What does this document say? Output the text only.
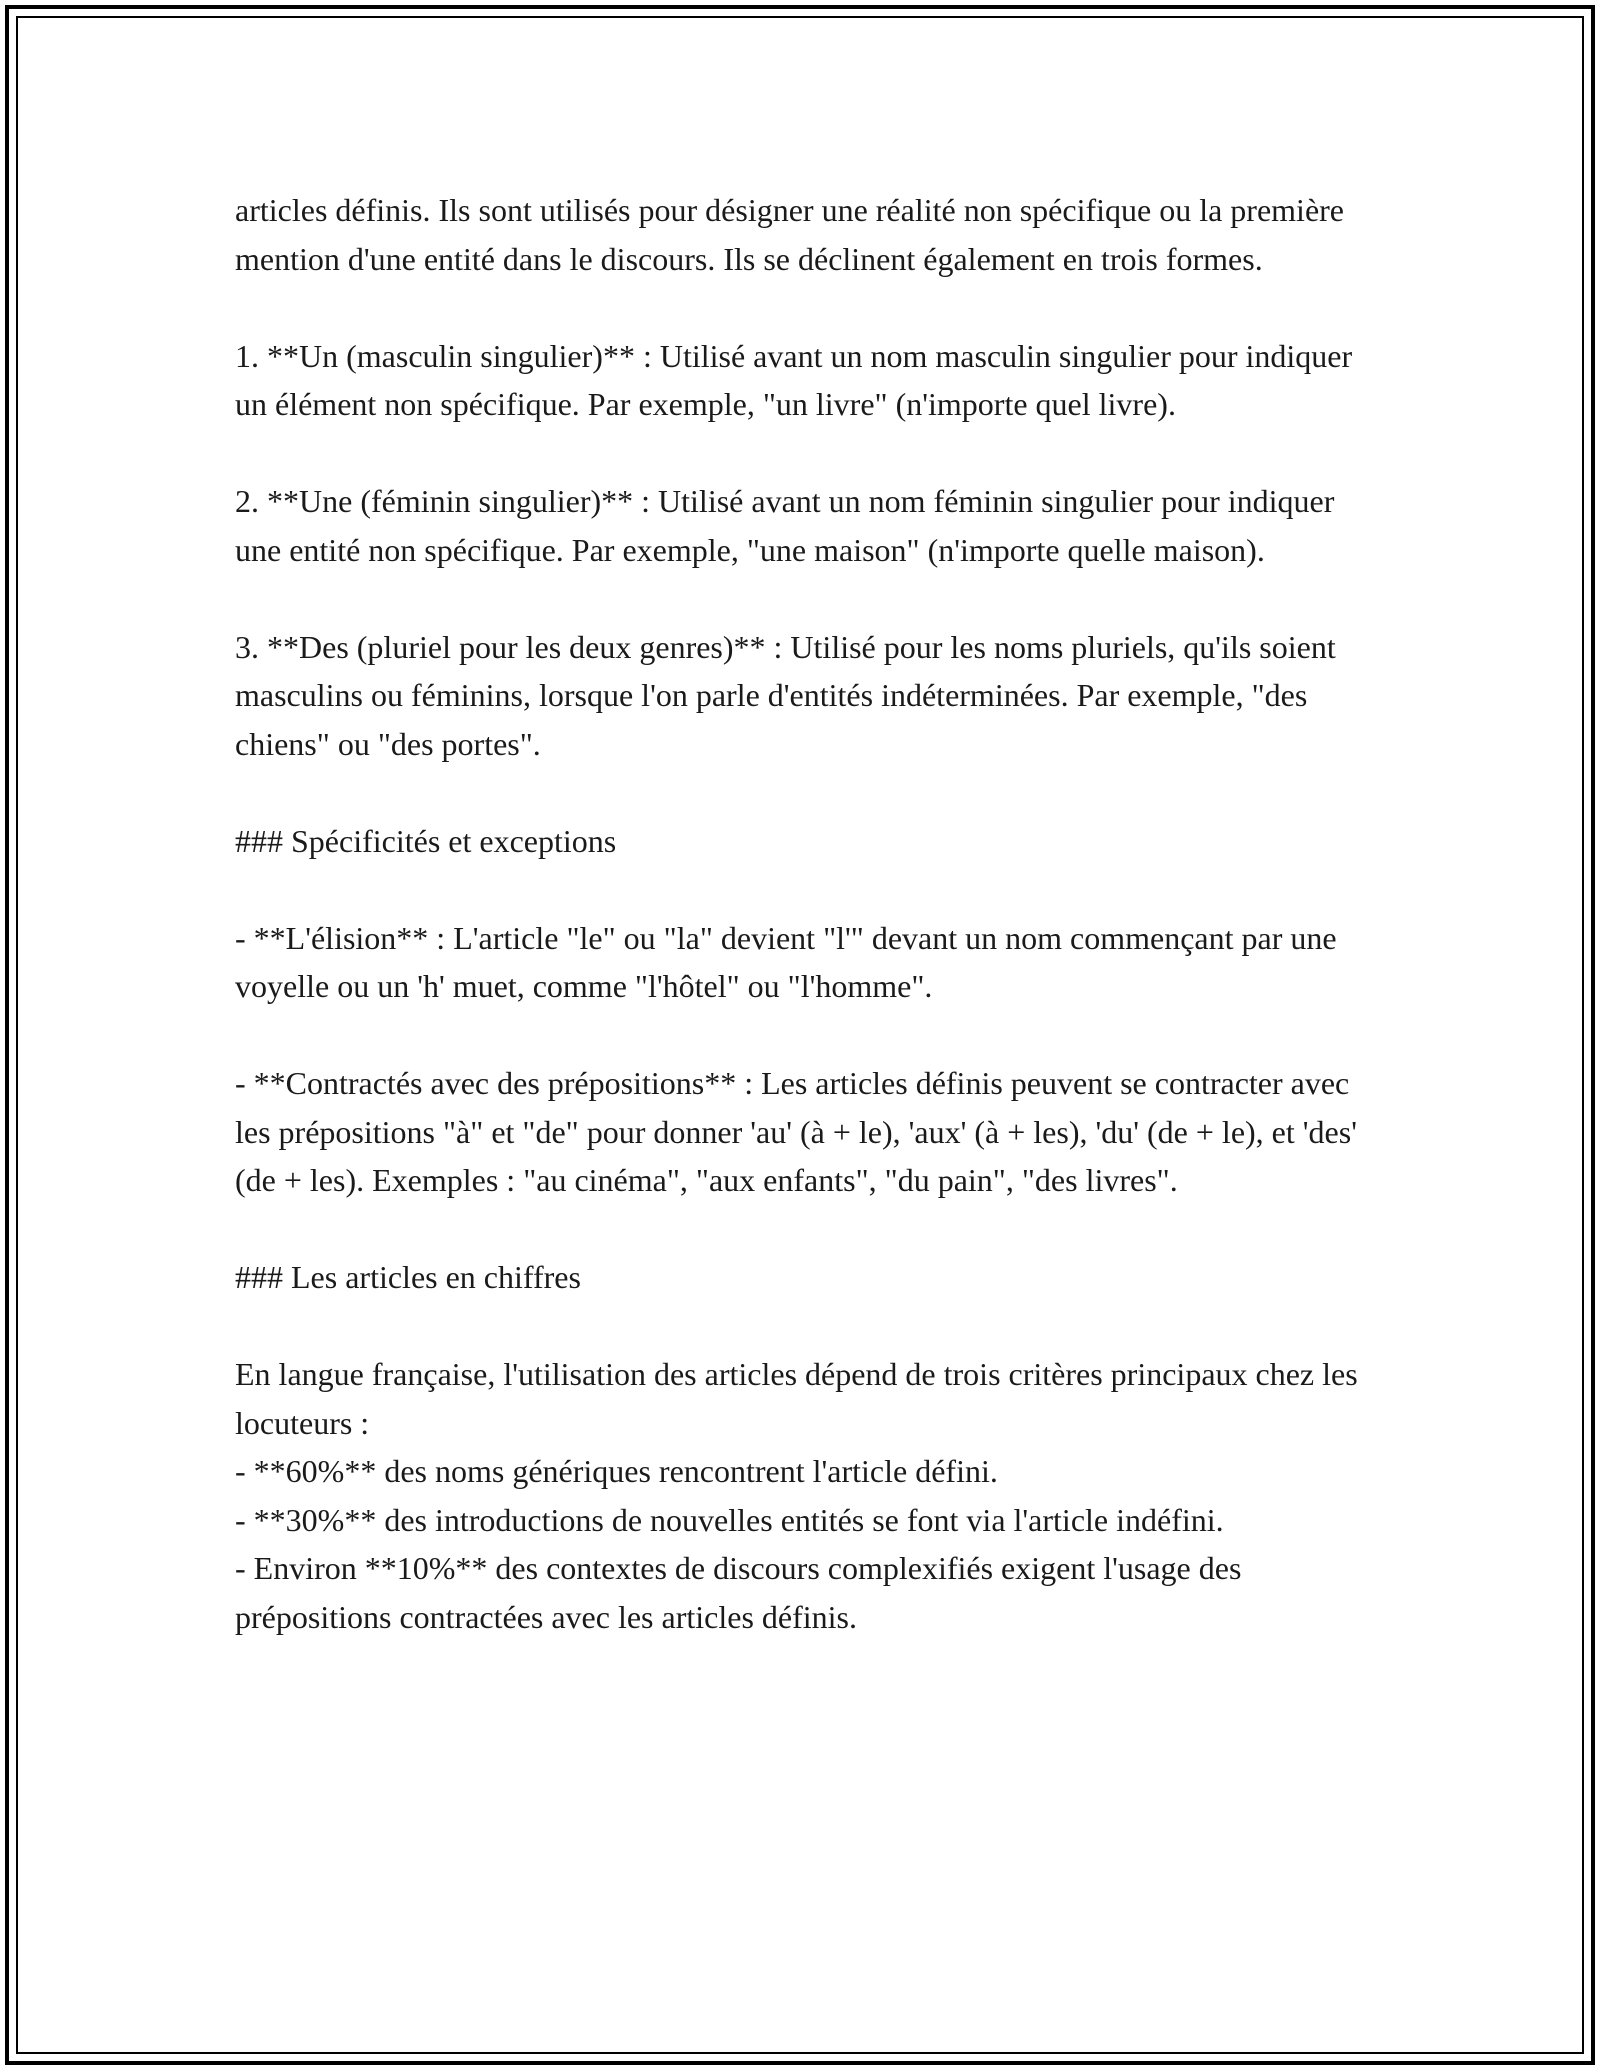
articles définis. Ils sont utilisés pour désigner une réalité non spécifique ou la première mention d'une entité dans le discours. Ils se déclinent également en trois formes.

1. **Un (masculin singulier)** : Utilisé avant un nom masculin singulier pour indiquer un élément non spécifique. Par exemple, "un livre" (n'importe quel livre).

2. **Une (féminin singulier)** : Utilisé avant un nom féminin singulier pour indiquer une entité non spécifique. Par exemple, "une maison" (n'importe quelle maison).

3. **Des (pluriel pour les deux genres)** : Utilisé pour les noms pluriels, qu'ils soient masculins ou féminins, lorsque l'on parle d'entités indéterminées. Par exemple, "des chiens" ou "des portes".

### Spécificités et exceptions

- **L'élision** : L'article "le" ou "la" devient "l'" devant un nom commençant par une voyelle ou un 'h' muet, comme "l'hôtel" ou "l'homme".

- **Contractés avec des prépositions** : Les articles définis peuvent se contracter avec les prépositions "à" et "de" pour donner 'au' (à + le), 'aux' (à + les), 'du' (de + le), et 'des' (de + les). Exemples : "au cinéma", "aux enfants", "du pain", "des livres".

### Les articles en chiffres

En langue française, l'utilisation des articles dépend de trois critères principaux chez les locuteurs :

- **60%** des noms génériques rencontrent l'article défini.

- **30%** des introductions de nouvelles entités se font via l'article indéfini.

- Environ **10%** des contextes de discours complexifiés exigent l'usage des prépositions contractées avec les articles définis.
